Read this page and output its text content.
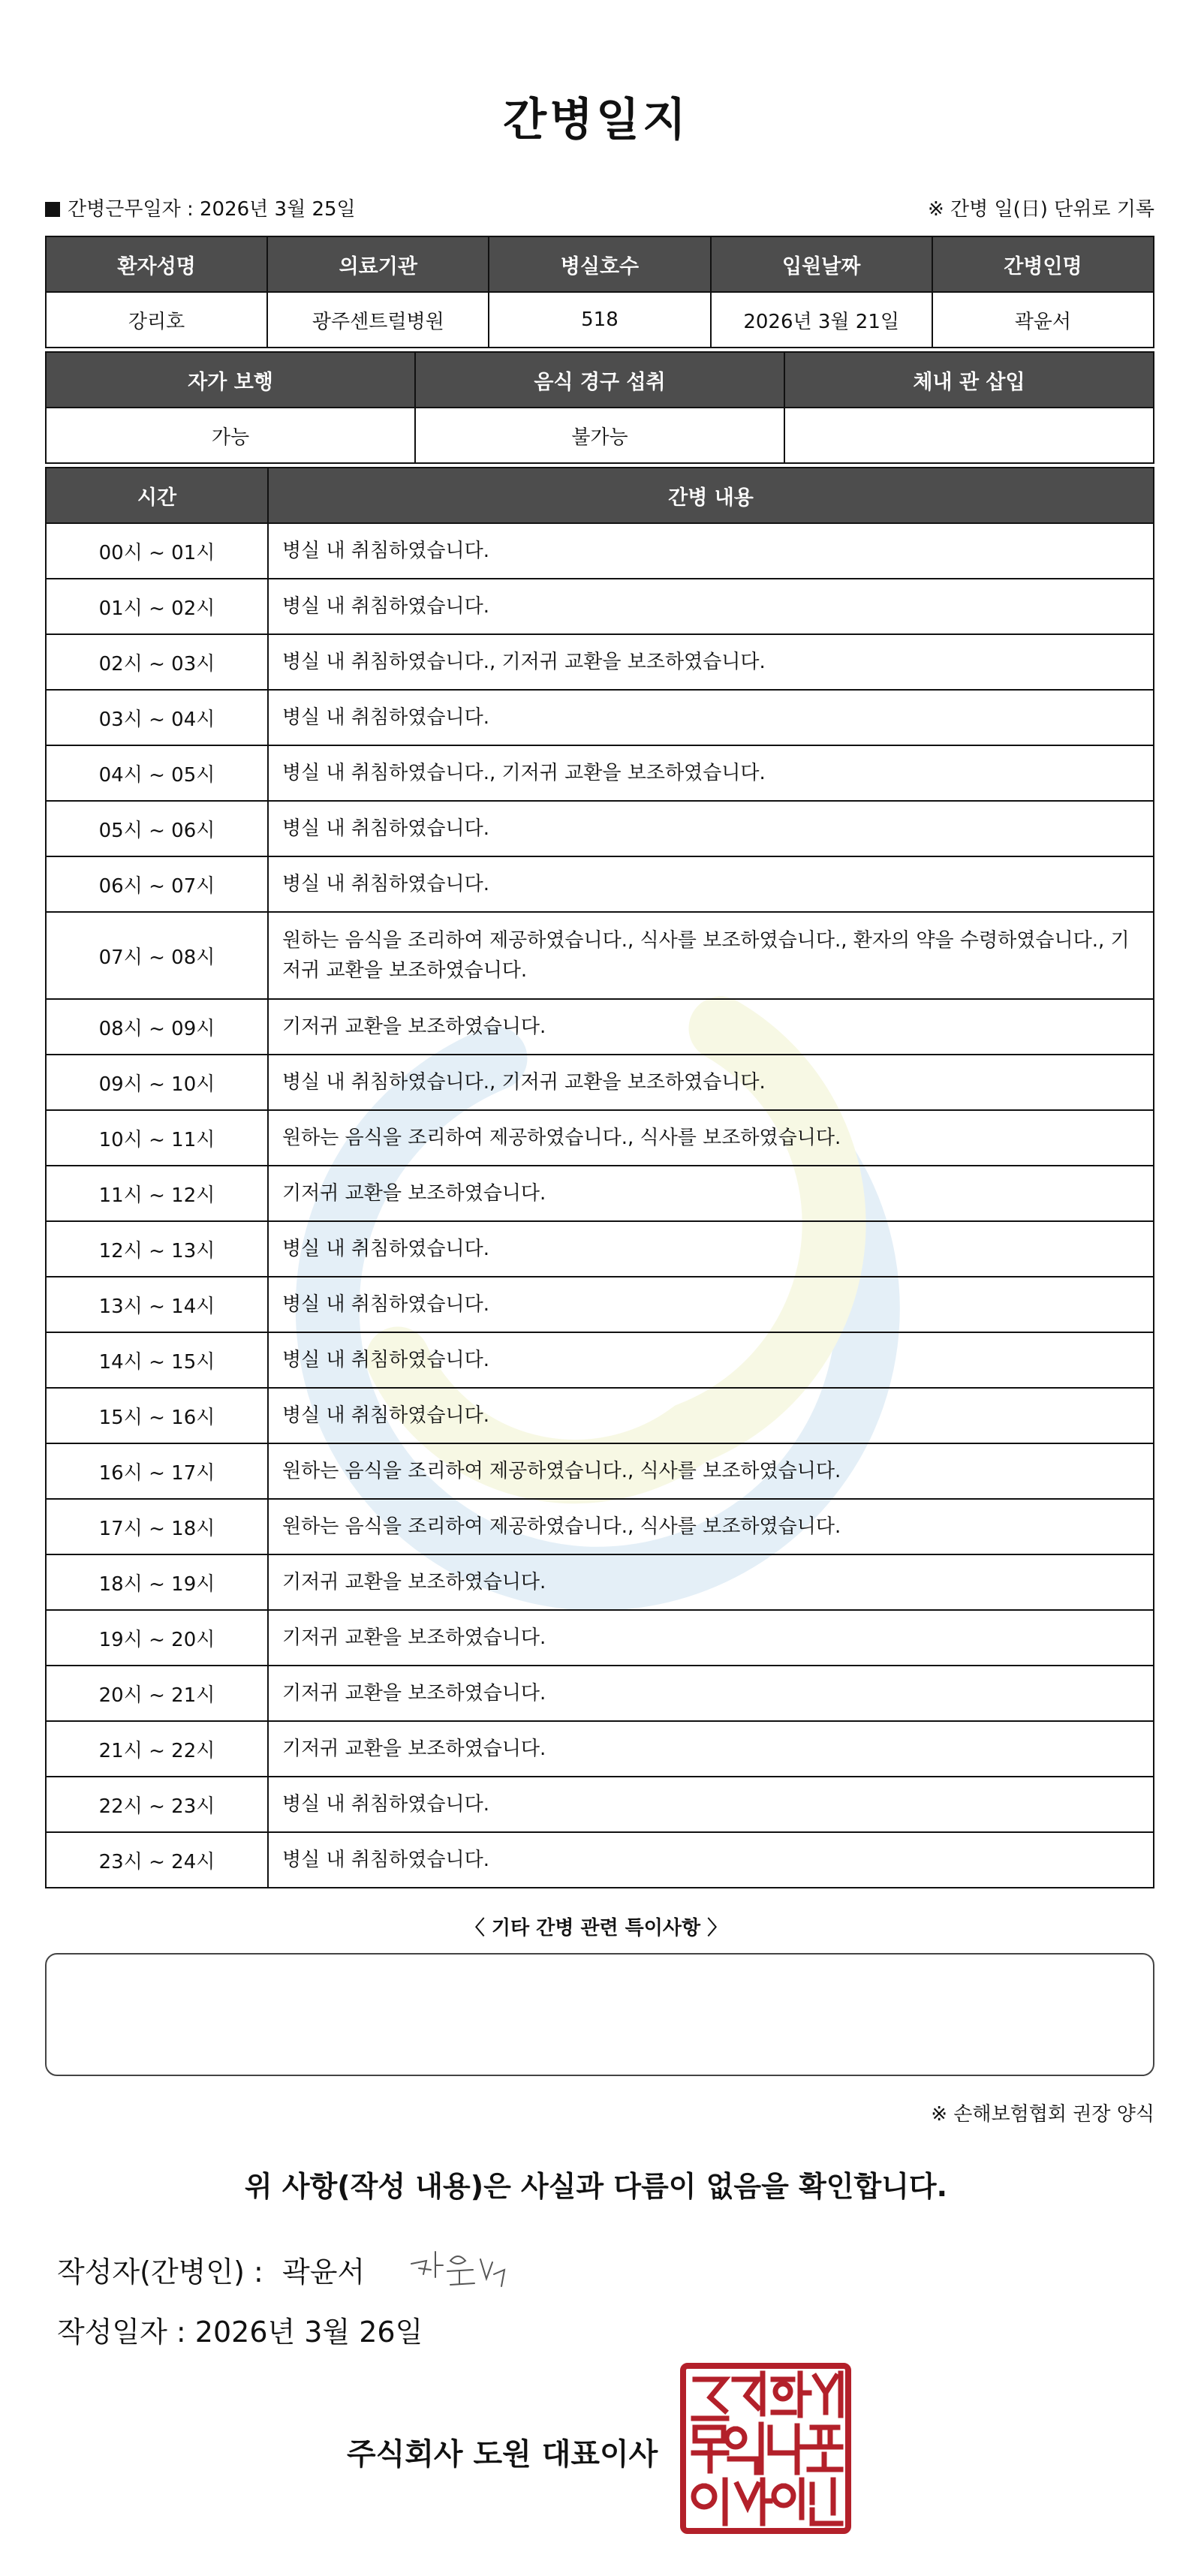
간병일지
간병근무일자 : 2026년 3월 25일	※ 간병 일(日) 단위로 기록
환자성명	의료기관	병실호수	입원날짜	간병인명
강리호	광주센트럴병원	518	2026년 3월 21일	곽윤서
자가 보행	음식 경구 섭취	체내 관 삽입
가능	불가능	
시간	간병 내용
00시 ~ 01시	병실 내 취침하였습니다.
01시 ~ 02시	병실 내 취침하였습니다.
02시 ~ 03시	병실 내 취침하였습니다., 기저귀 교환을 보조하였습니다.
03시 ~ 04시	병실 내 취침하였습니다.
04시 ~ 05시	병실 내 취침하였습니다., 기저귀 교환을 보조하였습니다.
05시 ~ 06시	병실 내 취침하였습니다.
06시 ~ 07시	병실 내 취침하였습니다.
07시 ~ 08시	원하는 음식을 조리하여 제공하였습니다., 식사를 보조하였습니다., 환자의 약을 수령하였습니다., 기저귀 교환을 보조하였습니다.
08시 ~ 09시	기저귀 교환을 보조하였습니다.
09시 ~ 10시	병실 내 취침하였습니다., 기저귀 교환을 보조하였습니다.
10시 ~ 11시	원하는 음식을 조리하여 제공하였습니다., 식사를 보조하였습니다.
11시 ~ 12시	기저귀 교환을 보조하였습니다.
12시 ~ 13시	병실 내 취침하였습니다.
13시 ~ 14시	병실 내 취침하였습니다.
14시 ~ 15시	병실 내 취침하였습니다.
15시 ~ 16시	병실 내 취침하였습니다.
16시 ~ 17시	원하는 음식을 조리하여 제공하였습니다., 식사를 보조하였습니다.
17시 ~ 18시	원하는 음식을 조리하여 제공하였습니다., 식사를 보조하였습니다.
18시 ~ 19시	기저귀 교환을 보조하였습니다.
19시 ~ 20시	기저귀 교환을 보조하였습니다.
20시 ~ 21시	기저귀 교환을 보조하였습니다.
21시 ~ 22시	기저귀 교환을 보조하였습니다.
22시 ~ 23시	병실 내 취침하였습니다.
23시 ~ 24시	병실 내 취침하였습니다.
〈 기타 간병 관련 특이사항 〉
※ 손해보험협회 권장 양식
위 사항(작성 내용)은 사실과 다름이 없음을 확인합니다.
작성자(간병인) : 곽윤서
작성일자 : 2026년 3월 26일
주식회사 도원 대표이사
